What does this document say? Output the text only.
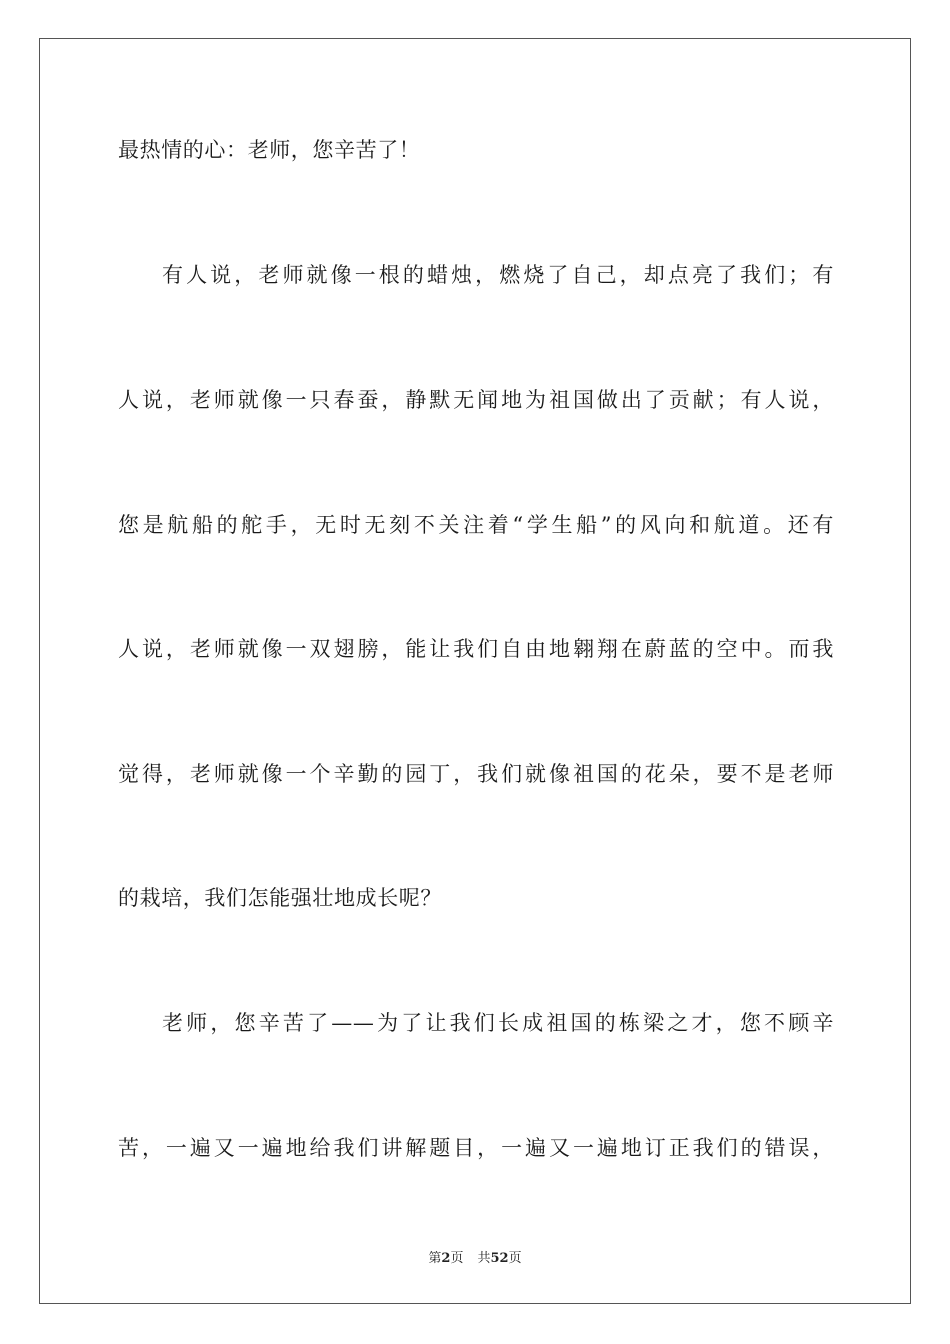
最热情的心：老师，您辛苦了！
有人说，老师就像一根的蜡烛，燃烧了自己，却点亮了我们；有
人说，老师就像一只春蚕，静默无闻地为祖国做出了贡献；有人说，
您是航船的舵手，无时无刻不关注着“学生船”的风向和航道。还有
人说，老师就像一双翅膀，能让我们自由地翱翔在蔚蓝的空中。而我
觉得，老师就像一个辛勤的园丁，我们就像祖国的花朵，要不是老师
的栽培，我们怎能强壮地成长呢？
老师，您辛苦了——为了让我们长成祖国的栋梁之才，您不顾辛
苦，一遍又一遍地给我们讲解题目，一遍又一遍地订正我们的错误，
第2页 共52页
